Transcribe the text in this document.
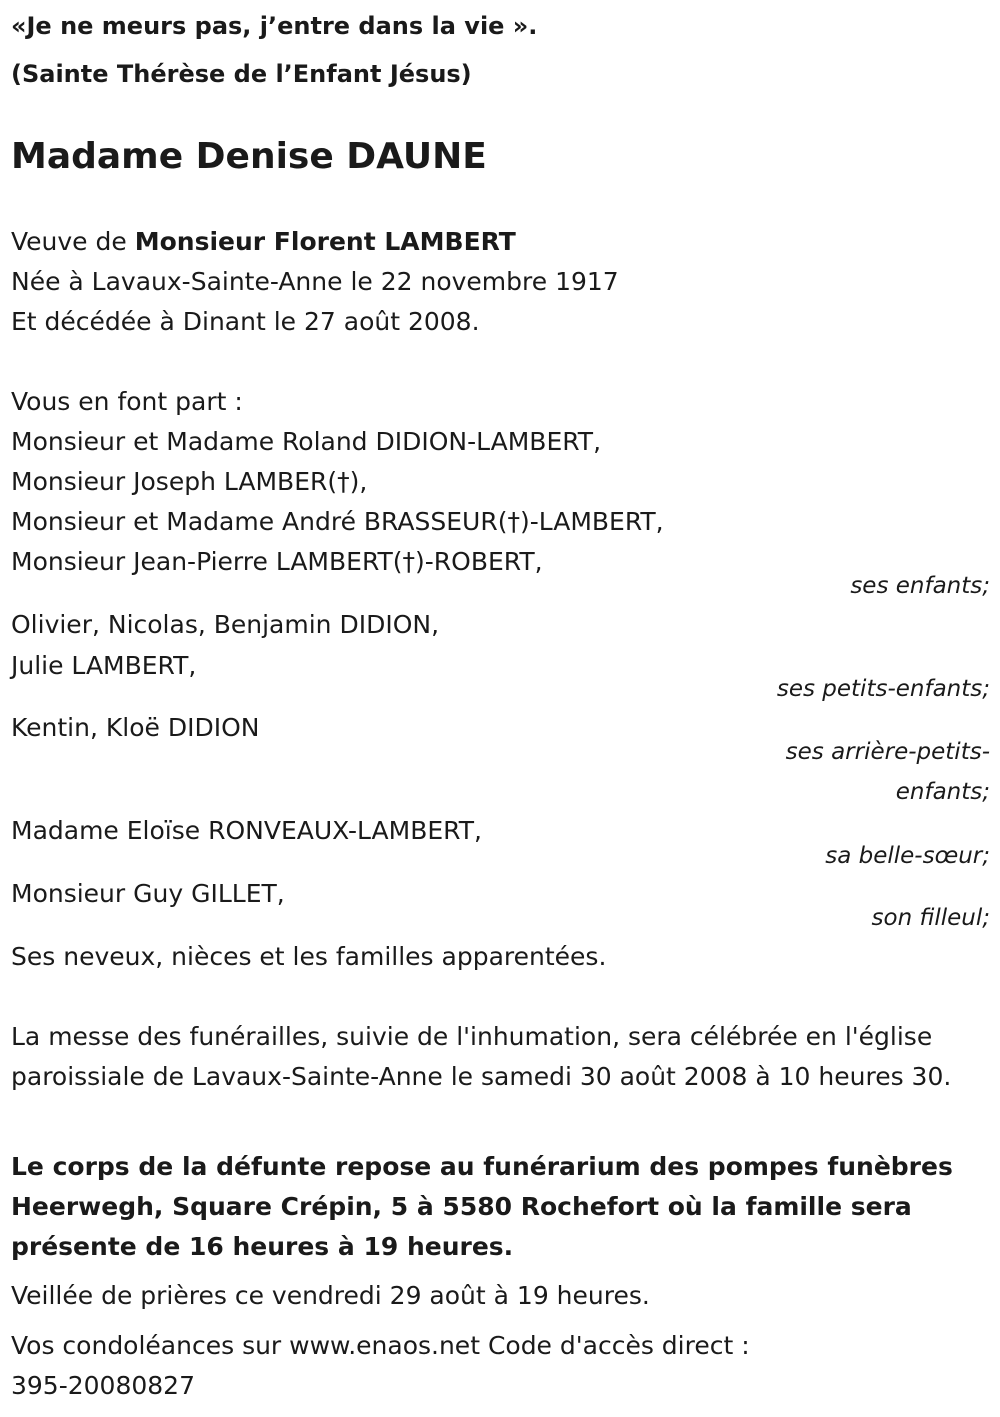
«Je ne meurs pas, j’entre dans la vie ».
(Sainte Thérèse de l’Enfant Jésus)
Madame Denise DAUNE
Veuve de Monsieur Florent LAMBERT
Née à Lavaux-Sainte-Anne le 22 novembre 1917
Et décédée à Dinant le 27 août 2008.
Vous en font part :
Monsieur et Madame Roland DIDION-LAMBERT,
Monsieur Joseph LAMBER(†),
Monsieur et Madame André BRASSEUR(†)-LAMBERT,
Monsieur Jean-Pierre LAMBERT(†)-ROBERT,
ses enfants;
Olivier, Nicolas, Benjamin DIDION,
Julie LAMBERT,
ses petits-enfants;
Kentin, Kloë DIDION
ses arrière-petits-
enfants;
Madame Eloïse RONVEAUX-LAMBERT,
sa belle-sœur;
Monsieur Guy GILLET,
son filleul;
Ses neveux, nièces et les familles apparentées.
La messe des funérailles, suivie de l'inhumation, sera célébrée en l'église paroissiale de Lavaux-Sainte-Anne le samedi 30 août 2008 à 10 heures 30.
Le corps de la défunte repose au funérarium des pompes funèbres Heerwegh, Square Crépin, 5 à 5580 Rochefort où la famille sera présente de 16 heures à 19 heures.
Veillée de prières ce vendredi 29 août à 19 heures.
Vos condoléances sur www.enaos.net Code d'accès direct :
395-20080827
